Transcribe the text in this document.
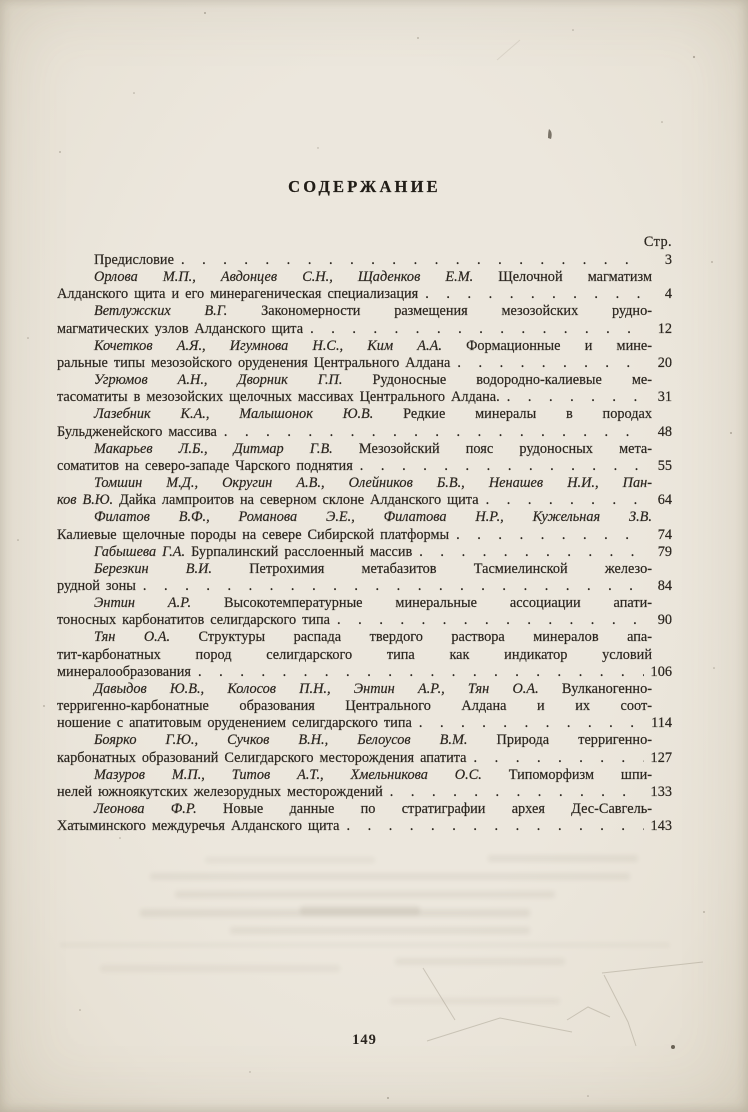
СОДЕРЖАНИЕ
Стр.
Предисловие . . .	3
Орлова М.П., Авдонцев С.Н., Щаденков Е.М. Щелочной магматизм
Алданского щита и его минерагеническая специализация . . .	4
Ветлужских В.Г. Закономерности размещения мезозойских рудно-
магматических узлов Алданского щита . . .	12
Кочетков А.Я., Игумнова Н.С., Ким А.А. Формационные и мине-
ральные типы мезозойского оруденения Центрального Алдана . . .	20
Угрюмов А.Н., Дворник Г.П. Рудоносные водородно-калиевые ме-
тасоматиты в мезозойских щелочных массивах Центрального Алдана. . . .	31
Лазебник К.А., Малышонок Ю.В. Редкие минералы в породах
Бульдженейского массива . . .	48
Макарьев Л.Б., Дитмар Г.В. Мезозойский пояс рудоносных мета-
соматитов на северо-западе Чарского поднятия . . .	55
Томшин М.Д., Округин А.В., Олейников Б.В., Ненашев Н.И., Пан-
ков В.Ю. Дайка лампроитов на северном склоне Алданского щита . . .	64
Филатов В.Ф., Романова Э.Е., Филатова Н.Р., Кужельная З.В.
Калиевые щелочные породы на севере Сибирской платформы . . .	74
Габышева Г.А. Бурпалинский расслоенный массив . . .	79
Березкин В.И. Петрохимия метабазитов Тасмиелинской железо-
рудной зоны . . .	84
Энтин А.Р. Высокотемпературные минеральные ассоциации апати-
тоносных карбонатитов селигдарского типа . . .	90
Тян О.А. Структуры распада твердого раствора минералов апа-
тит-карбонатных пород селигдарского типа как индикатор условий
минералообразования . . .	106
Давыдов Ю.В., Колосов П.Н., Энтин А.Р., Тян О.А. Вулканогенно-
терригенно-карбонатные образования Центрального Алдана и их соот-
ношение с апатитовым оруденением селигдарского типа . . .	114
Боярко Г.Ю., Сучков В.Н., Белоусов В.М. Природа терригенно-
карбонатных образований Селигдарского месторождения апатита . . .	127
Мазуров М.П., Титов А.Т., Хмельникова О.С. Типоморфизм шпи-
нелей южноякутских железорудных месторождений . . .	133
Леонова Ф.Р. Новые данные по стратиграфии архея Дес-Савгель-
Хатыминского междуречья Алданского щита . . .	143
149
